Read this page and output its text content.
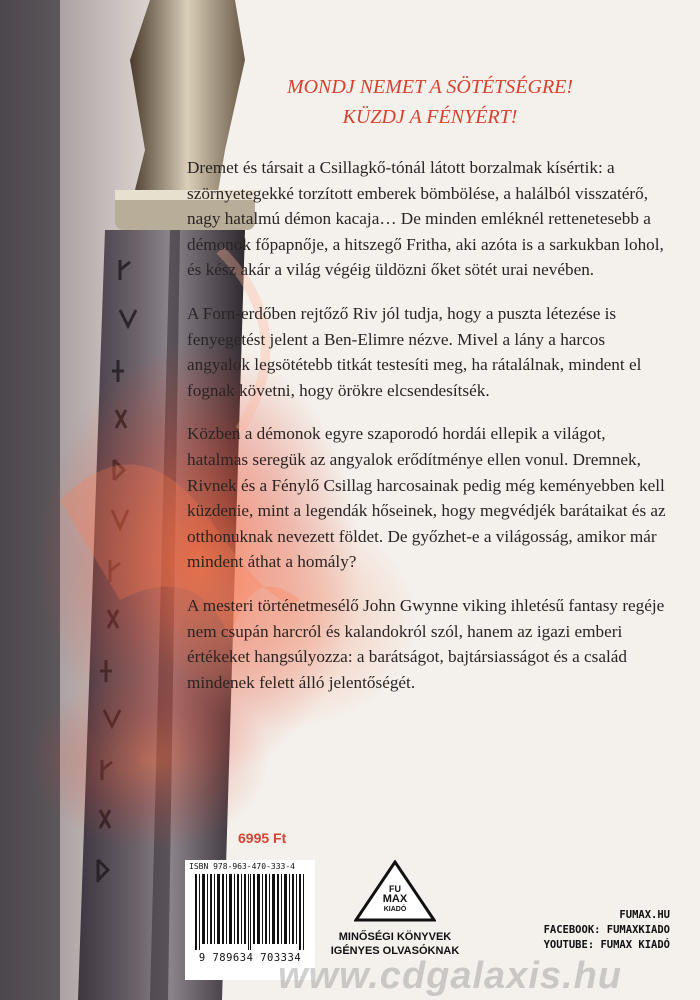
MONDJ NEMET A SÖTÉTSÉGRE!
KÜZDJ A FÉNYÉRT!

Dremet és társait a Csillagkő-tónál látott borzalmak kísértik: a szörnyetegekké torzított emberek bömbölése, a halálból visszatérő, nagy hatalmú démon kacaja… De minden emléknél rettenetesebb a démonok főpapnője, a hitszegő Fritha, aki azóta is a sarkukban lohol, és kész akár a világ végéig üldözni őket sötét urai nevében.

A Forn-erdőben rejtőző Riv jól tudja, hogy a puszta létezése is fenyegetést jelent a Ben-Elimre nézve. Mivel a lány a harcos angyalok legsötétebb titkát testesíti meg, ha rátalálnak, mindent el fognak követni, hogy örökre elcsendesítsék.

Közben a démonok egyre szaporodó hordái ellepik a világot, hatalmas seregük az angyalok erődítménye ellen vonul. Dremnek, Rivnek és a Fénylő Csillag harcosainak pedig még keményebben kell küzdenie, mint a legendák hőseinek, hogy megvédjék barátaikat és az otthonuknak nevezett földet. De győzhet-e a világosság, amikor már mindent áthat a homály?

A mesteri történetmesélő John Gwynne viking ihletésű fantasy regéje nem csupán harcról és kalandokról szól, hanem az igazi emberi értékeket hangsúlyozza: a barátságot, bajtársiasságot és a család mindenek felett álló jelentőségét.

6995 Ft
ISBN 978-963-470-333-4
9 789634 703334
FU
MAX
KIADÓ
MINŐSÉGI KÖNYVEK
IGÉNYES OLVASÓKNAK
FUMAX.HU
FACEBOOK: FUMAXKIADO
YOUTUBE: FUMAX KIADÓ
www.cdgalaxis.hu
